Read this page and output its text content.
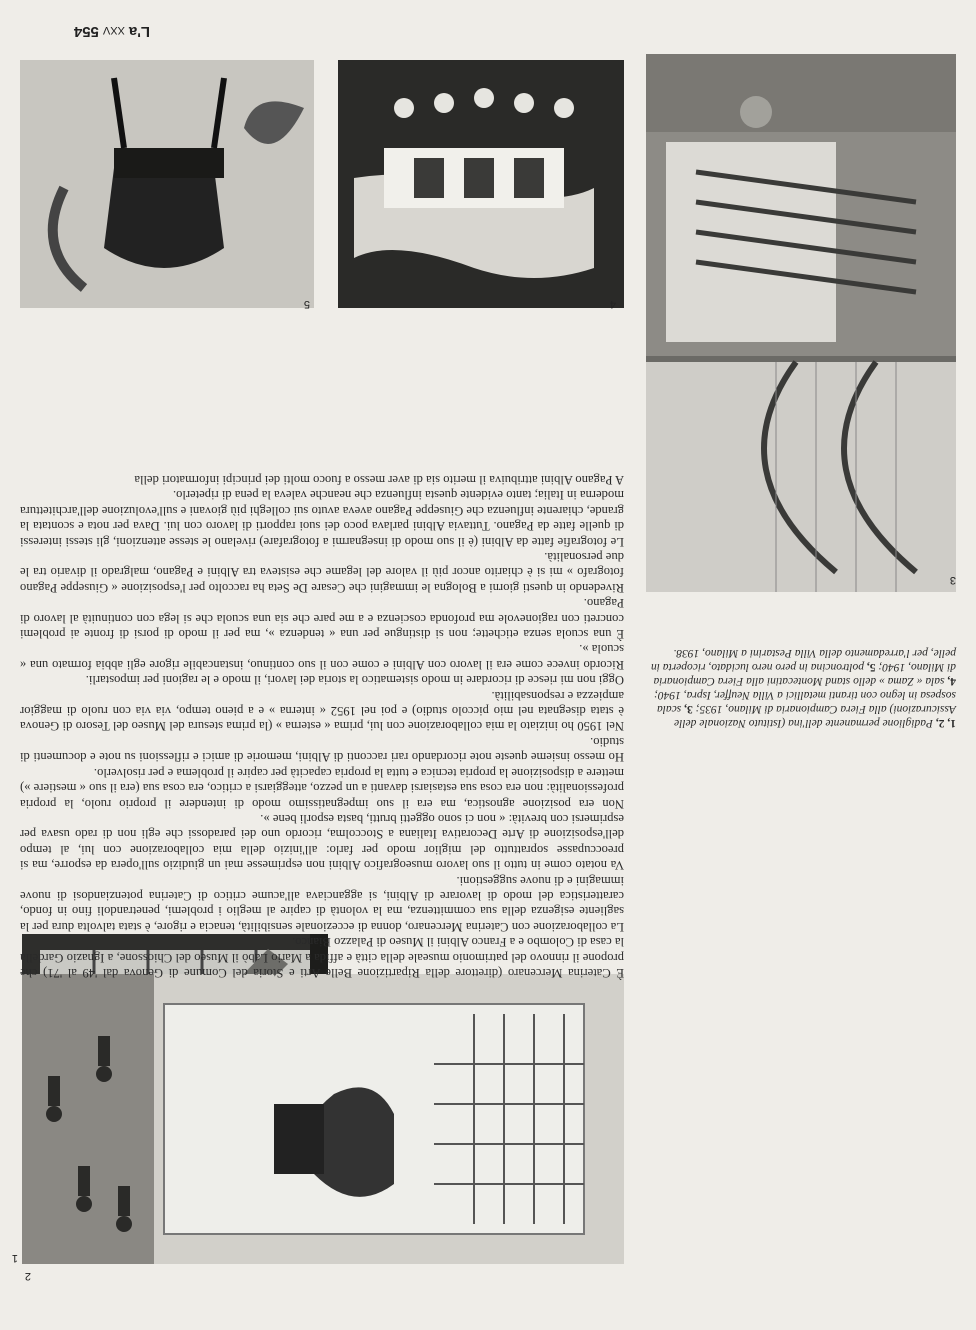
L'aXXV554
1
2
3
4
5
1, 2, Padiglione permanente dell'ina (Istituto Nazionale delle Assicurazioni) alla Fiera Campionaria di Milano, 1935; 3, scala sospesa in legno con tiranti metallici a Villa Neuffer, Ispra, 1940; 4, sala « Zama » dello stand Montecatini alla Fiera Campionaria di Milano, 1940; 5, poltroncina in pero nero lucidato, ricoperta in pelle, per l'arredamento della Villa Pestarini a Milano, 1938.

È Caterina Mercenaro (direttore della Ripartizione Belle Arti e Storia del Comune di Genova dal '49 al '71) che propone il rinnovo del patrimonio museale della città e affida a Mario Labò il Museo del Chiossone, a Ignazio Gardella la casa di Colombo e a Franco Albini il Museo di Palazzo Bianco.

La collaborazione con Caterina Mercenaro, donna di eccezionale sensibilità, tenacia e rigore, è stata talvolta dura per la sagliente esigenza della sua committenza, ma la volontà di capire al meglio i problemi, penetrandoli fino in fondo, caratteristica del modo di lavorare di Albini, si agganciava all'acume critico di Caterina potenziandosi di nuove immagini e di nuove suggestioni.

Va notato come in tutto il suo lavoro museografico Albini non esprimesse mai un giudizio sull'opera da esporre, ma si preoccupasse soprattutto del miglior modo per farlo: all'inizio della mia collaborazione con lui, al tempo dell'esposizione di Arte Decorativa Italiana a Stoccolma, ricordo uno dei paradossi che egli non di rado usava per esprimersi con brevità: « non ci sono oggetti brutti, basta esporli bene ».

Non era posizione agnostica, ma era il suo impegnatissimo modo di intendere il proprio ruolo, la propria professionalità: non era cosa sua estasiarsi davanti a un pezzo, atteggiarsi a critico, era cosa sua (era il suo « mestiere ») mettere a disposizione la propria tecnica e tutta la propria capacità per capire il problema e per risolverlo.

Ho messo insieme queste note ricordando rari racconti di Albini, memorie di amici e riflessioni su note e documenti di studio.

Nel 1950 ho iniziato la mia collaborazione con lui, prima « esterna » (la prima stesura del Museo del Tesoro di Genova è stata disegnata nel mio piccolo studio) e poi nel 1952 « interna » e a pieno tempo, via via con ruolo di maggior ampiezza e responsabilità.

Oggi non mi riesce di ricordare in modo sistematico la storia dei lavori, il modo e le ragioni per impostarli.

Ricordo invece come era il lavoro con Albini e come con il suo continuo, instancabile rigore egli abbia formato una « scuola ».

È una scuola senza etichette; non si distingue per una « tendenza », ma per il modo di porsi di fronte ai problemi concreti con ragionevole ma profonda coscienza e a me pare che sia una scuola che si lega con continuità al lavoro di Pagano.

Rivedendo in questi giorni a Bologna le immagini che Cesare De Seta ha raccolto per l'esposizione « Giuseppe Pagano fotografo » mi si è chiarito ancor più il valore del legame che esisteva tra Albini e Pagano, malgrado il divario tra le due personalità.

Le fotografie fatte da Albini (è il suo modo di insegnarmi a fotografare) rivelano le stesse attenzioni, gli stessi interessi di quelle fatte da Pagano. Tuttavia Albini parlava poco dei suoi rapporti di lavoro con lui. Dava per nota e scontata la grande, chiarente influenza che Giuseppe Pagano aveva avuto sui colleghi più giovani e sull'evoluzione dell'architettura moderna in Italia; tanto evidente questa influenza che neanche valeva la pena di ripeterlo.

A Pagano Albini attribuiva il merito sia di aver messo a fuoco molti dei principi informatori della
